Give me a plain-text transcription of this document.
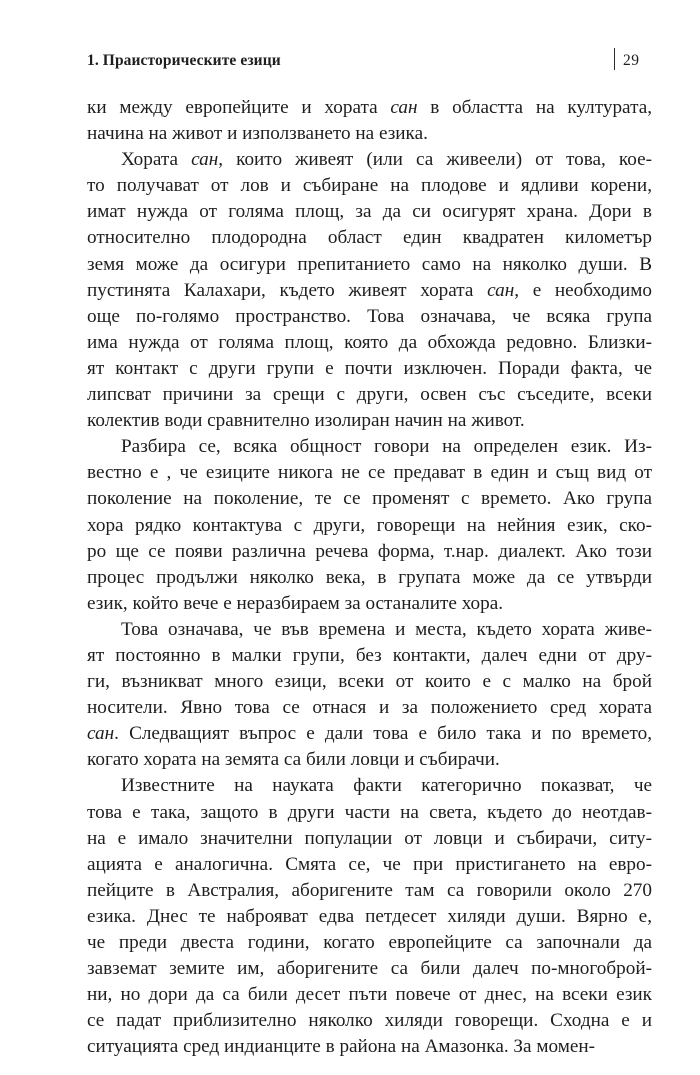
1. Праисторическите езици	29
ки между европейците и хората сан в областта на културата,
начина на живот и използването на езика.
Хората сан, които живеят (или са живеели) от това, кое-
то получават от лов и събиране на плодове и ядливи корени,
имат нужда от голяма площ, за да си осигурят храна. Дори в
относително плодородна област един квадратен километър
земя може да осигури препитанието само на няколко души. В
пустинята Калахари, където живеят хората сан, е необходимо
още по-голямо пространство. Това означава, че всяка група
има нужда от голяма площ, която да обхожда редовно. Близки-
ят контакт с други групи е почти изключен. Поради факта, че
липсват причини за срещи с други, освен със съседите, всеки
колектив води сравнително изолиран начин на живот.
Разбира се, всяка общност говори на определен език. Из-
вестно е , че езиците никога не се предават в един и същ вид от
поколение на поколение, те се променят с времето. Ако група
хора рядко контактува с други, говорещи на нейния език, ско-
ро ще се появи различна речева форма, т.нар. диалект. Ако този
процес продължи няколко века, в групата може да се утвърди
език, който вече е неразбираем за останалите хора.
Това означава, че във времена и места, където хората живе-
ят постоянно в малки групи, без контакти, далеч едни от дру-
ги, възникват много езици, всеки от които е с малко на брой
носители. Явно това се отнася и за положението сред хората
сан. Следващият въпрос е дали това е било така и по времето,
когато хората на земята са били ловци и събирачи.
Известните на науката факти категорично показват, че
това е така, защото в други части на света, където до неотдав-
на е имало значителни популации от ловци и събирачи, ситу-
ацията е аналогична. Смята се, че при пристигането на евро-
пейците в Австралия, аборигените там са говорили около 270
езика. Днес те наброяват едва петдесет хиляди души. Вярно е,
че преди двеста години, когато европейците са започнали да
завземат земите им, аборигените са били далеч по-многоброй-
ни, но дори да са били десет пъти повече от днес, на всеки език
се падат приблизително няколко хиляди говорещи. Сходна е и
ситуацията сред индианците в района на Амазонка. За момен-
